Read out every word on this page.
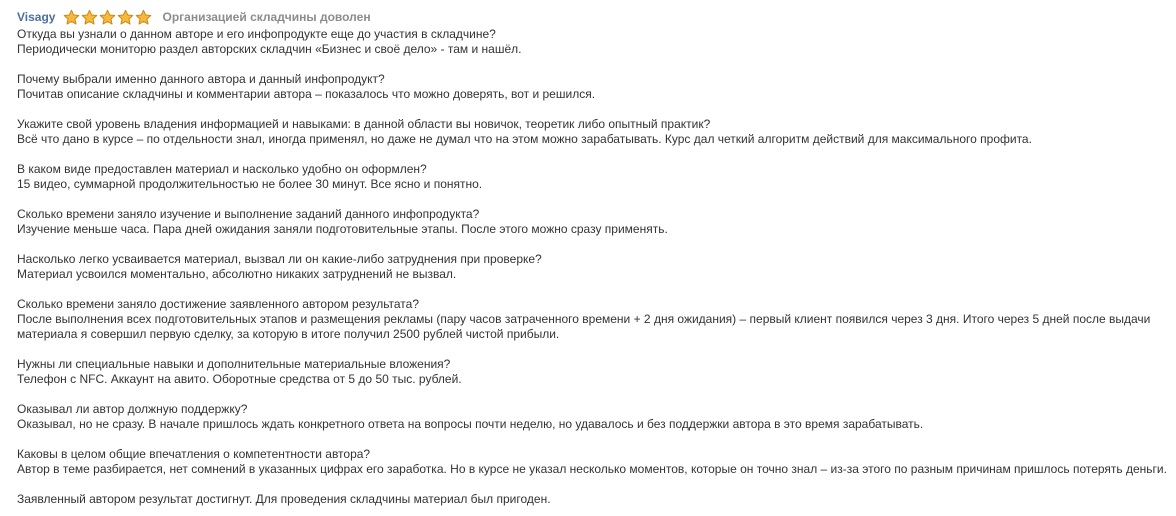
Visagy	Организацией складчины доволен
Откуда вы узнали о данном авторе и его инфопродукте еще до участия в складчине?
Периодически мониторю раздел авторских складчин «Бизнес и своё дело» - там и нашёл.
Почему выбрали именно данного автора и данный инфопродукт?
Почитав описание складчины и комментарии автора – показалось что можно доверять, вот и решился.
Укажите свой уровень владения информацией и навыками: в данной области вы новичок, теоретик либо опытный практик?
Всё что дано в курсе – по отдельности знал, иногда применял, но даже не думал что на этом можно зарабатывать. Курс дал четкий алгоритм действий для максимального профита.
В каком виде предоставлен материал и насколько удобно он оформлен?
15 видео, суммарной продолжительностью не более 30 минут. Все ясно и понятно.
Сколько времени заняло изучение и выполнение заданий данного инфопродукта?
Изучение меньше часа. Пара дней ожидания заняли подготовительные этапы. После этого можно сразу применять.
Насколько легко усваивается материал, вызвал ли он какие-либо затруднения при проверке?
Материал усвоился моментально, абсолютно никаких затруднений не вызвал.
Сколько времени заняло достижение заявленного автором результата?
После выполнения всех подготовительных этапов и размещения рекламы (пару часов затраченного времени + 2 дня ожидания) – первый клиент появился через 3 дня. Итого через 5 дней после выдачи материала я совершил первую сделку, за которую в итоге получил 2500 рублей чистой прибыли.
Нужны ли специальные навыки и дополнительные материальные вложения?
Телефон с NFC. Аккаунт на авито. Оборотные средства от 5 до 50 тыс. рублей.
Оказывал ли автор должную поддержку?
Оказывал, но не сразу. В начале пришлось ждать конкретного ответа на вопросы почти неделю, но удавалось и без поддержки автора в это время зарабатывать.
Каковы в целом общие впечатления о компетентности автора?
Автор в теме разбирается, нет сомнений в указанных цифрах его заработка. Но в курсе не указал несколько моментов, которые он точно знал – из-за этого по разным причинам пришлось потерять деньги.
Заявленный автором результат достигнут. Для проведения складчины материал был пригоден.
